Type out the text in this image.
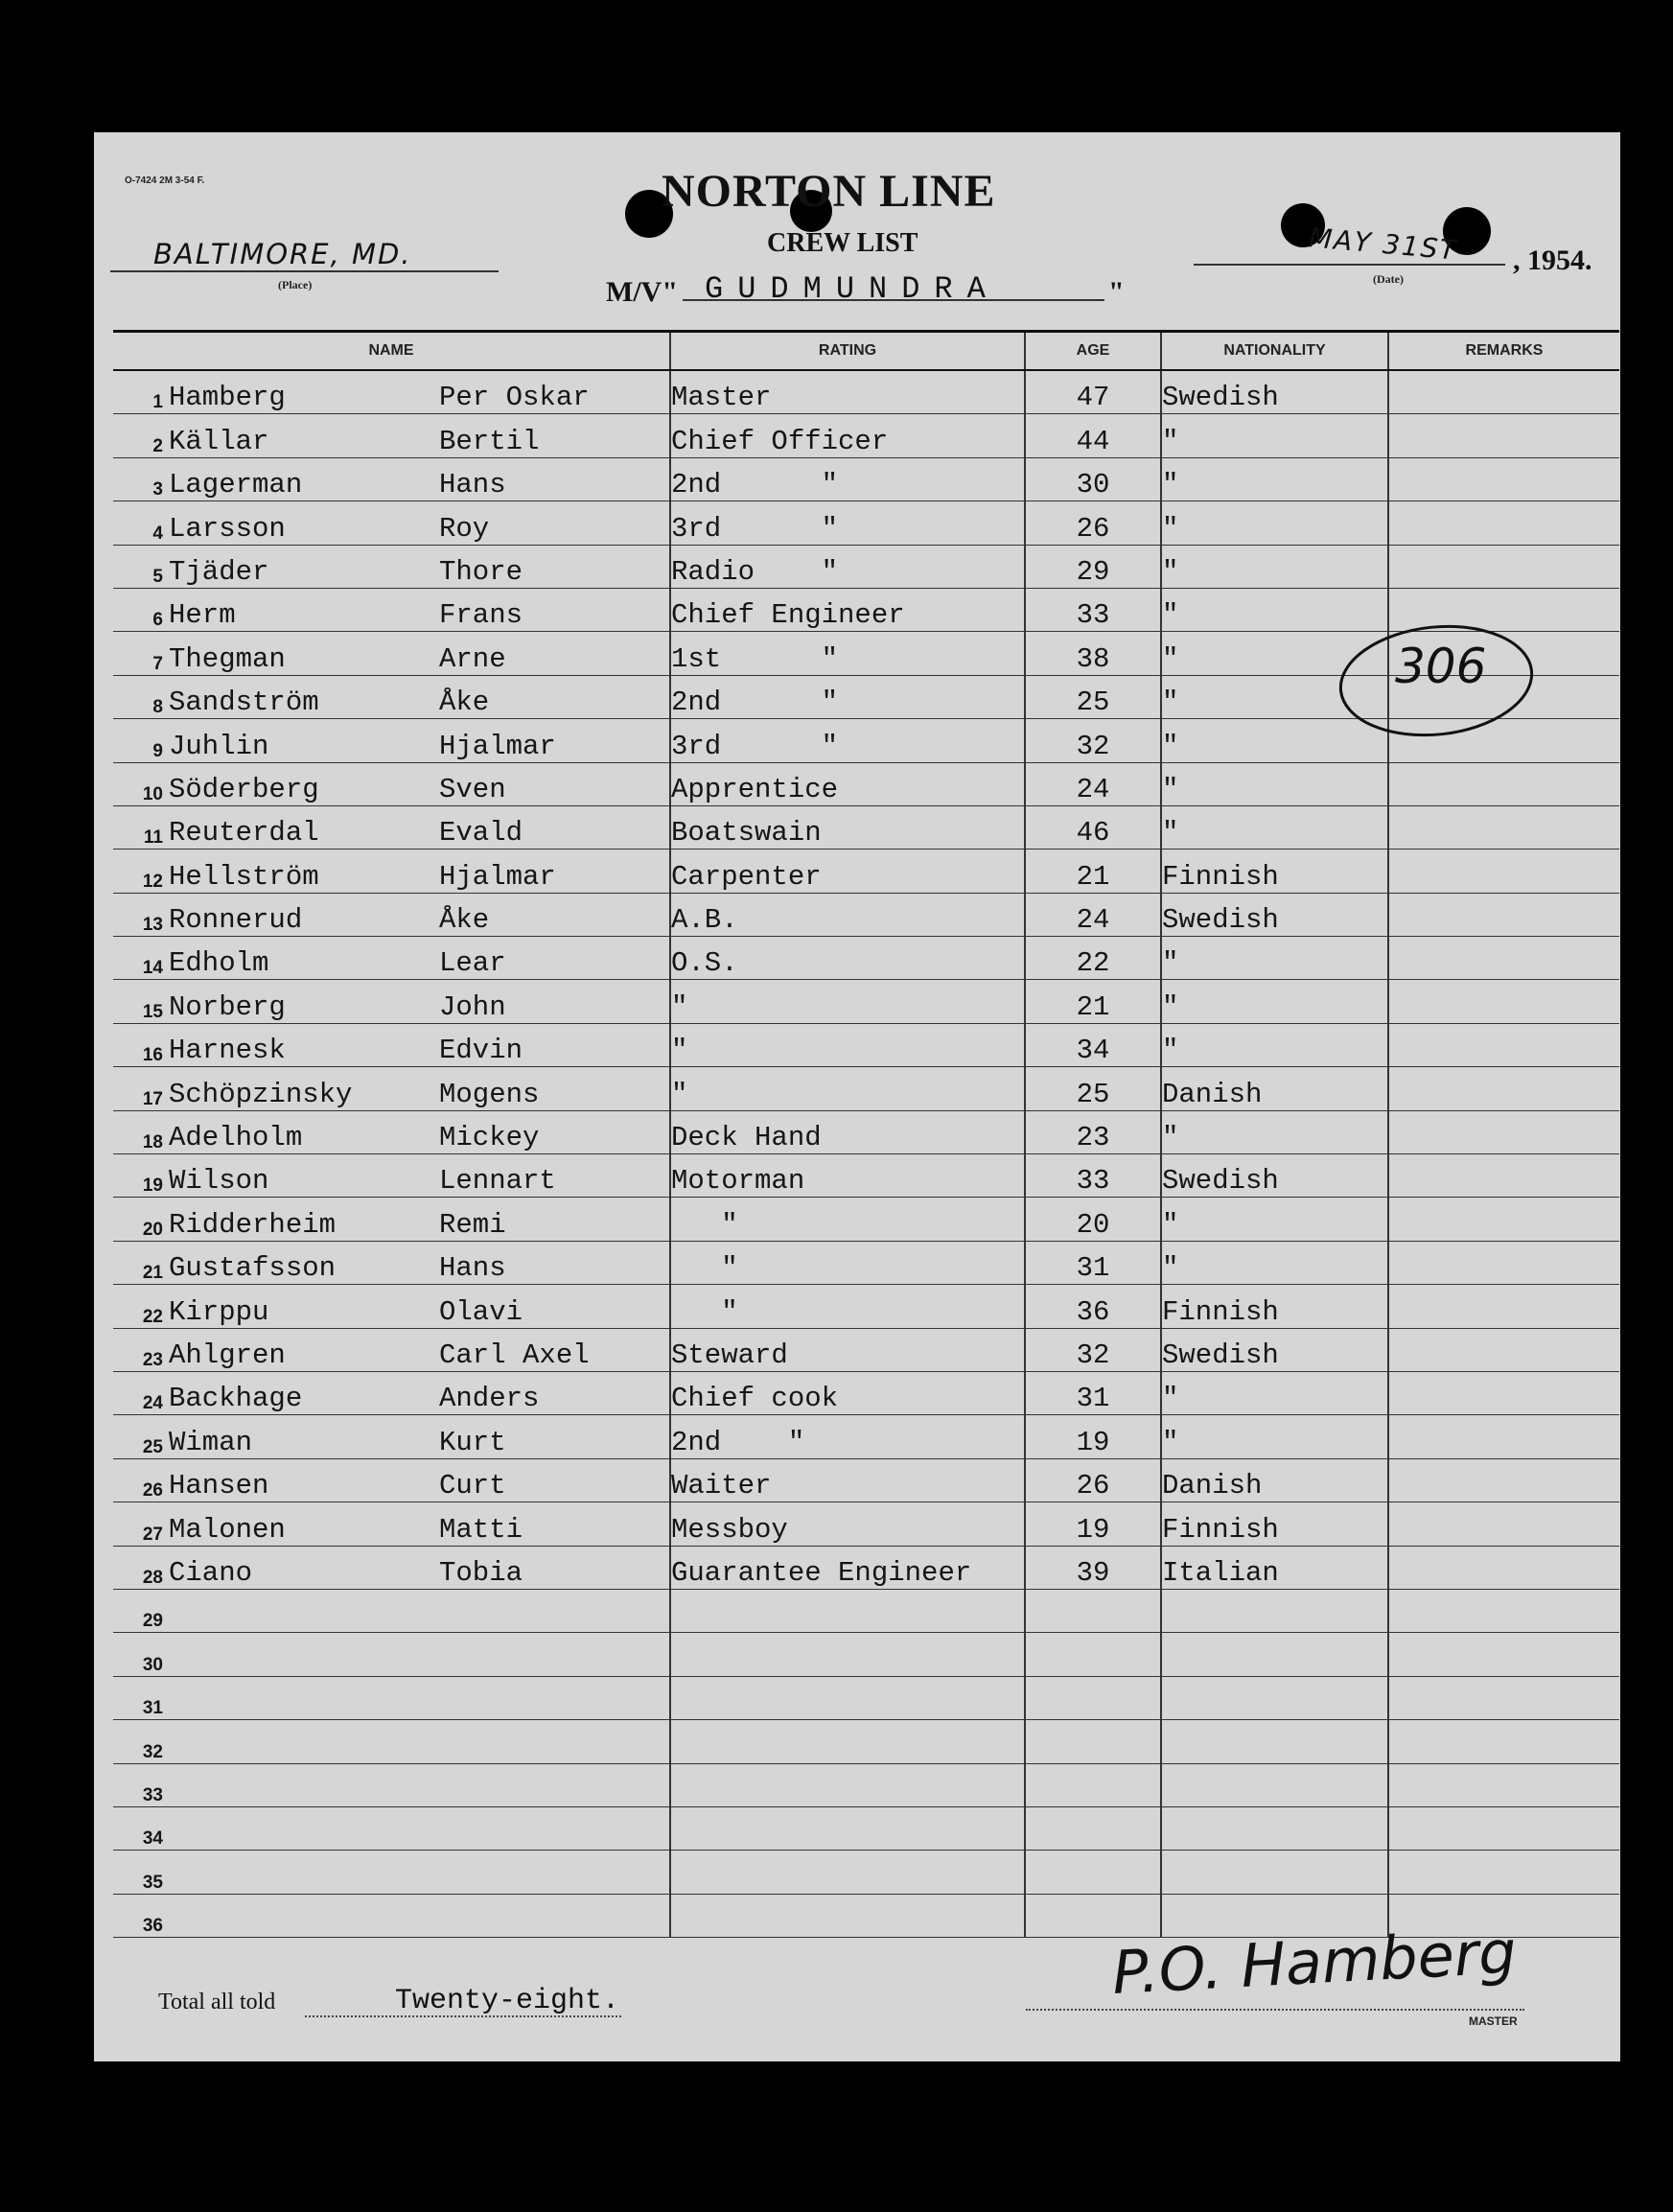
O-7424 2M 3-54 F.	NORTON LINE
CREW LIST
BALTIMORE, MD.
(Place)	M/V" GUDMUNDRA	"
MAY 31ST
(Date)
, 1954.
NAME	RATING	AGE	NATIONALITY	REMARKS
1 Hamberg Per Oskar	Master	47	Swedish	
2 Källar Bertil	Chief Officer	44	"	
3 Lagerman Hans	2nd      "	30	"	
4 Larsson Roy	3rd      "	26	"	
5 Tjäder Thore	Radio    "	29	"	
6 Herm Frans	Chief Engineer	33	"	
7 Thegman Arne	1st      "	38	"	
8 Sandström Åke	2nd      "	25	"	
9 Juhlin Hjalmar	3rd      "	32	"	
10 Söderberg Sven	Apprentice	24	"	
11 Reuterdal Evald	Boatswain	46	"	
12 Hellström Hjalmar	Carpenter	21	Finnish	
13 Ronnerud Åke	A.B.	24	Swedish	
14 Edholm Lear	O.S.	22	"	
15 Norberg John	"	21	"	
16 Harnesk Edvin	"	34	"	
17 Schöpzinsky Mogens	"	25	Danish	
18 Adelholm Mickey	Deck Hand	23	"	
19 Wilson Lennart	Motorman	33	Swedish	
20 Ridderheim Remi	"	20	"	
21 Gustafsson Hans	"	31	"	
22 Kirppu Olavi	"	36	Finnish	
23 Ahlgren Carl Axel	Steward	32	Swedish	
24 Backhage Anders	Chief cook	31	"	
25 Wiman Kurt	2nd    "	19	"	
26 Hansen Curt	Waiter	26	Danish	
27 Malonen Matti	Messboy	19	Finnish	
28 Ciano Tobia	Guarantee Engineer	39	Italian	
29				
30				
31				
32				
33				
34				
35				
36				
306
Total all told	Twenty-eight.	P.O. Hamberg
MASTER
